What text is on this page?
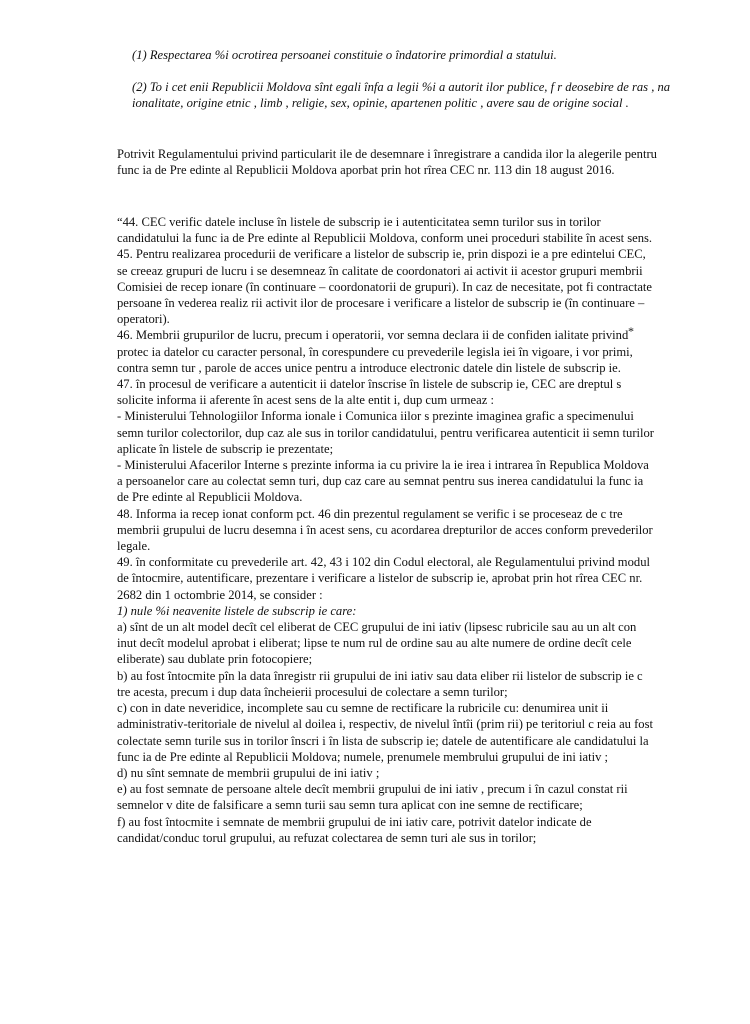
(1) Respectarea %i ocrotirea persoanei constituie o îndatorire primordial a statului.
(2) To i cet enii Republicii Moldova sînt egali înfa a legii %i a autorit ilor publice, f r deosebire de ras , na ionalitate, origine etnic , limb , religie, sex, opinie, apartenen politic , avere sau de origine social .
Potrivit Regulamentului privind particularit ile de desemnare i înregistrare a candida ilor la alegerile pentru func ia de Pre edinte al Republicii Moldova aporbat prin hot rîrea CEC nr. 113 din 18 august 2016.

“44. CEC verific datele incluse în listele de subscrip ie i autenticitatea semn turilor sus in torilor candidatului la func ia de Pre edinte al Republicii Moldova, conform unei proceduri stabilite în acest sens.

45. Pentru realizarea procedurii de verificare a listelor de subscrip ie, prin dispozi ie a pre edintelui CEC, se creeaz grupuri de lucru i se desemneaz în calitate de coordonatori ai activit ii acestor grupuri membrii Comisiei de recep ionare (în continuare – coordonatorii de grupuri). In caz de necesitate, pot fi contractate persoane în vederea realiz rii activit ilor de procesare i verificare a listelor de subscrip ie (în continuare – operatori).

46. Membrii grupurilor de lucru, precum i operatorii, vor semna declara ii de confiden ialitate privind protec ia datelor cu caracter personal, în corespundere cu prevederile legisla iei în vigoare, i vor primi, contra semn tur , parole de acces unice pentru a introduce electronic datele din listele de subscrip ie.

47. în procesul de verificare a autenticit ii datelor înscrise în listele de subscrip ie, CEC are dreptul s solicite informa ii aferente în acest sens de la alte entit i, dup cum urmeaz :

- Ministerului Tehnologiilor Informa ionale i Comunica iilor s prezinte imaginea grafic a specimenului semn turilor colectorilor, dup caz ale sus in torilor candidatului, pentru verificarea autenticit ii semn turilor aplicate în listele de subscrip ie prezentate;

- Ministerului Afacerilor Interne s prezinte informa ia cu privire la ie irea i intrarea în Republica Moldova a persoanelor care au colectat semn turi, dup caz care au semnat pentru sus inerea candidatului la func ia de Pre edinte al Republicii Moldova.

48. Informa ia recep ionat conform pct. 46 din prezentul regulament se verific i se proceseaz de c tre membrii grupului de lucru desemna i în acest sens, cu acordarea drepturilor de acces conform prevederilor legale.

49. în conformitate cu prevederile art. 42, 43 i 102 din Codul electoral, ale Regulamentului privind modul de întocmire, autentificare, prezentare i verificare a listelor de subscrip ie, aprobat prin hot rîrea CEC nr. 2682 din 1 octombrie 2014, se consider :

1) nule %i neavenite listele de subscrip ie care:

a) sînt de un alt model decît cel eliberat de CEC grupului de ini iativ (lipsesc rubricile sau au un alt con inut decît modelul aprobat i eliberat; lipse te num rul de ordine sau au alte numere de ordine decît cele eliberate) sau dublate prin fotocopiere;

b) au fost întocmite pîn la data înregistr rii grupului de ini iativ sau data eliber rii listelor de subscrip ie c tre acesta, precum i dup data încheierii procesului de colectare a semn turilor;

c) con in date neveridice, incomplete sau cu semne de rectificare la rubricile cu: denumirea unit ii administrativ-teritoriale de nivelul al doilea i, respectiv, de nivelul întîi (prim rii) pe teritoriul c reia au fost colectate semn turile sus in torilor înscri i în lista de subscrip ie; datele de autentificare ale candidatului la func ia de Pre edinte al Republicii Moldova; numele, prenumele membrului grupului de ini iativ ;

d) nu sînt semnate de membrii grupului de ini iativ ;

e) au fost semnate de persoane altele decît membrii grupului de ini iativ , precum i în cazul constat rii semnelor v dite de falsificare a semn turii sau semn tura aplicat con ine semne de rectificare;

f) au fost întocmite i semnate de membrii grupului de ini iativ care, potrivit datelor indicate de candidat/conduc torul grupului, au refuzat colectarea de semn turi ale sus in torilor;

*
